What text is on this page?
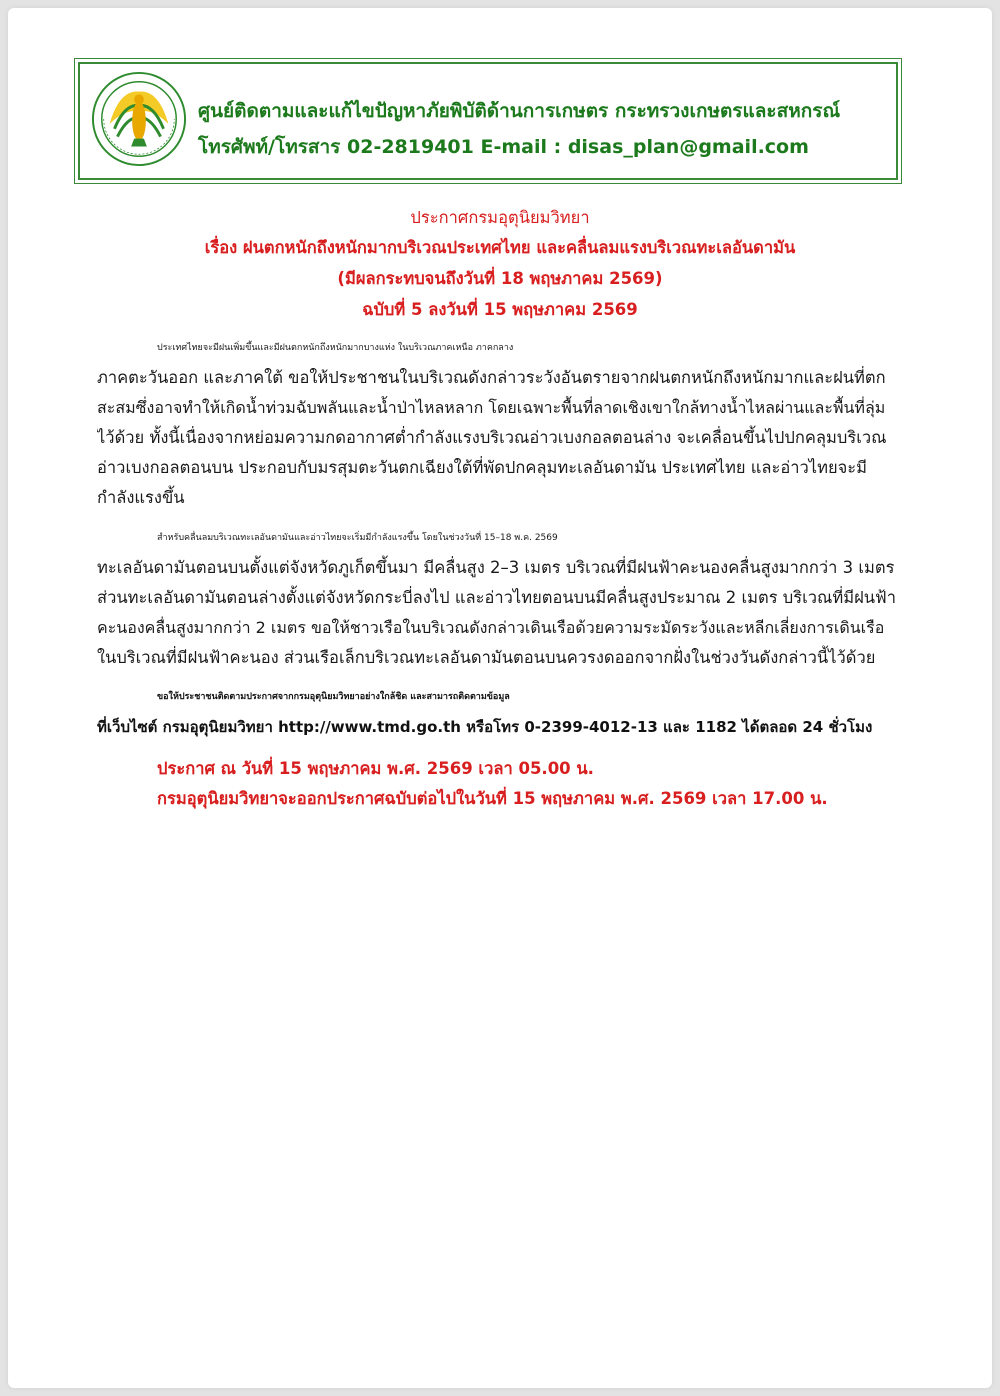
ศูนย์ติดตามและแก้ไขปัญหาภัยพิบัติด้านการเกษตร กระทรวงเกษตรและสหกรณ์
โทรศัพท์/โทรสาร 02-2819401 E-mail : disas_plan@gmail.com
ประกาศกรมอุตุนิยมวิทยา
เรื่อง ฝนตกหนักถึงหนักมากบริเวณประเทศไทย และคลื่นลมแรงบริเวณทะเลอันดามัน
(มีผลกระทบจนถึงวันที่ 18 พฤษภาคม 2569)
ฉบับที่ 5 ลงวันที่ 15 พฤษภาคม 2569
ประเทศไทยจะมีฝนเพิ่มขึ้นและมีฝนตกหนักถึงหนักมากบางแห่ง ในบริเวณภาคเหนือ ภาคกลาง
ภาคตะวันออก และภาคใต้ ขอให้ประชาชนในบริเวณดังกล่าวระวังอันตรายจากฝนตกหนักถึงหนักมากและฝนที่ตก
สะสมซึ่งอาจทำให้เกิดน้ำท่วมฉับพลันและน้ำป่าไหลหลาก โดยเฉพาะพื้นที่ลาดเชิงเขาใกล้ทางน้ำไหลผ่านและพื้นที่ลุ่ม
ไว้ด้วย ทั้งนี้เนื่องจากหย่อมความกดอากาศต่ำกำลังแรงบริเวณอ่าวเบงกอลตอนล่าง จะเคลื่อนขึ้นไปปกคลุมบริเวณ
อ่าวเบงกอลตอนบน ประกอบกับมรสุมตะวันตกเฉียงใต้ที่พัดปกคลุมทะเลอันดามัน ประเทศไทย และอ่าวไทยจะมี
กำลังแรงขึ้น
สำหรับคลื่นลมบริเวณทะเลอันดามันและอ่าวไทยจะเริ่มมีกำลังแรงขึ้น โดยในช่วงวันที่ 15–18 พ.ค. 2569
ทะเลอันดามันตอนบนตั้งแต่จังหวัดภูเก็ตขึ้นมา มีคลื่นสูง 2–3 เมตร บริเวณที่มีฝนฟ้าคะนองคลื่นสูงมากกว่า 3 เมตร
ส่วนทะเลอันดามันตอนล่างตั้งแต่จังหวัดกระบี่ลงไป และอ่าวไทยตอนบนมีคลื่นสูงประมาณ 2 เมตร บริเวณที่มีฝนฟ้า
คะนองคลื่นสูงมากกว่า 2 เมตร ขอให้ชาวเรือในบริเวณดังกล่าวเดินเรือด้วยความระมัดระวังและหลีกเลี่ยงการเดินเรือ
ในบริเวณที่มีฝนฟ้าคะนอง ส่วนเรือเล็กบริเวณทะเลอันดามันตอนบนควรงดออกจากฝั่งในช่วงวันดังกล่าวนี้ไว้ด้วย
ขอให้ประชาชนติดตามประกาศจากกรมอุตุนิยมวิทยาอย่างใกล้ชิด และสามารถติดตามข้อมูล
ที่เว็บไซต์ กรมอุตุนิยมวิทยา http://www.tmd.go.th หรือโทร 0-2399-4012-13 และ 1182 ได้ตลอด 24 ชั่วโมง
ประกาศ ณ วันที่ 15 พฤษภาคม พ.ศ. 2569 เวลา 05.00 น.
กรมอุตุนิยมวิทยาจะออกประกาศฉบับต่อไปในวันที่ 15 พฤษภาคม พ.ศ. 2569 เวลา 17.00 น.
